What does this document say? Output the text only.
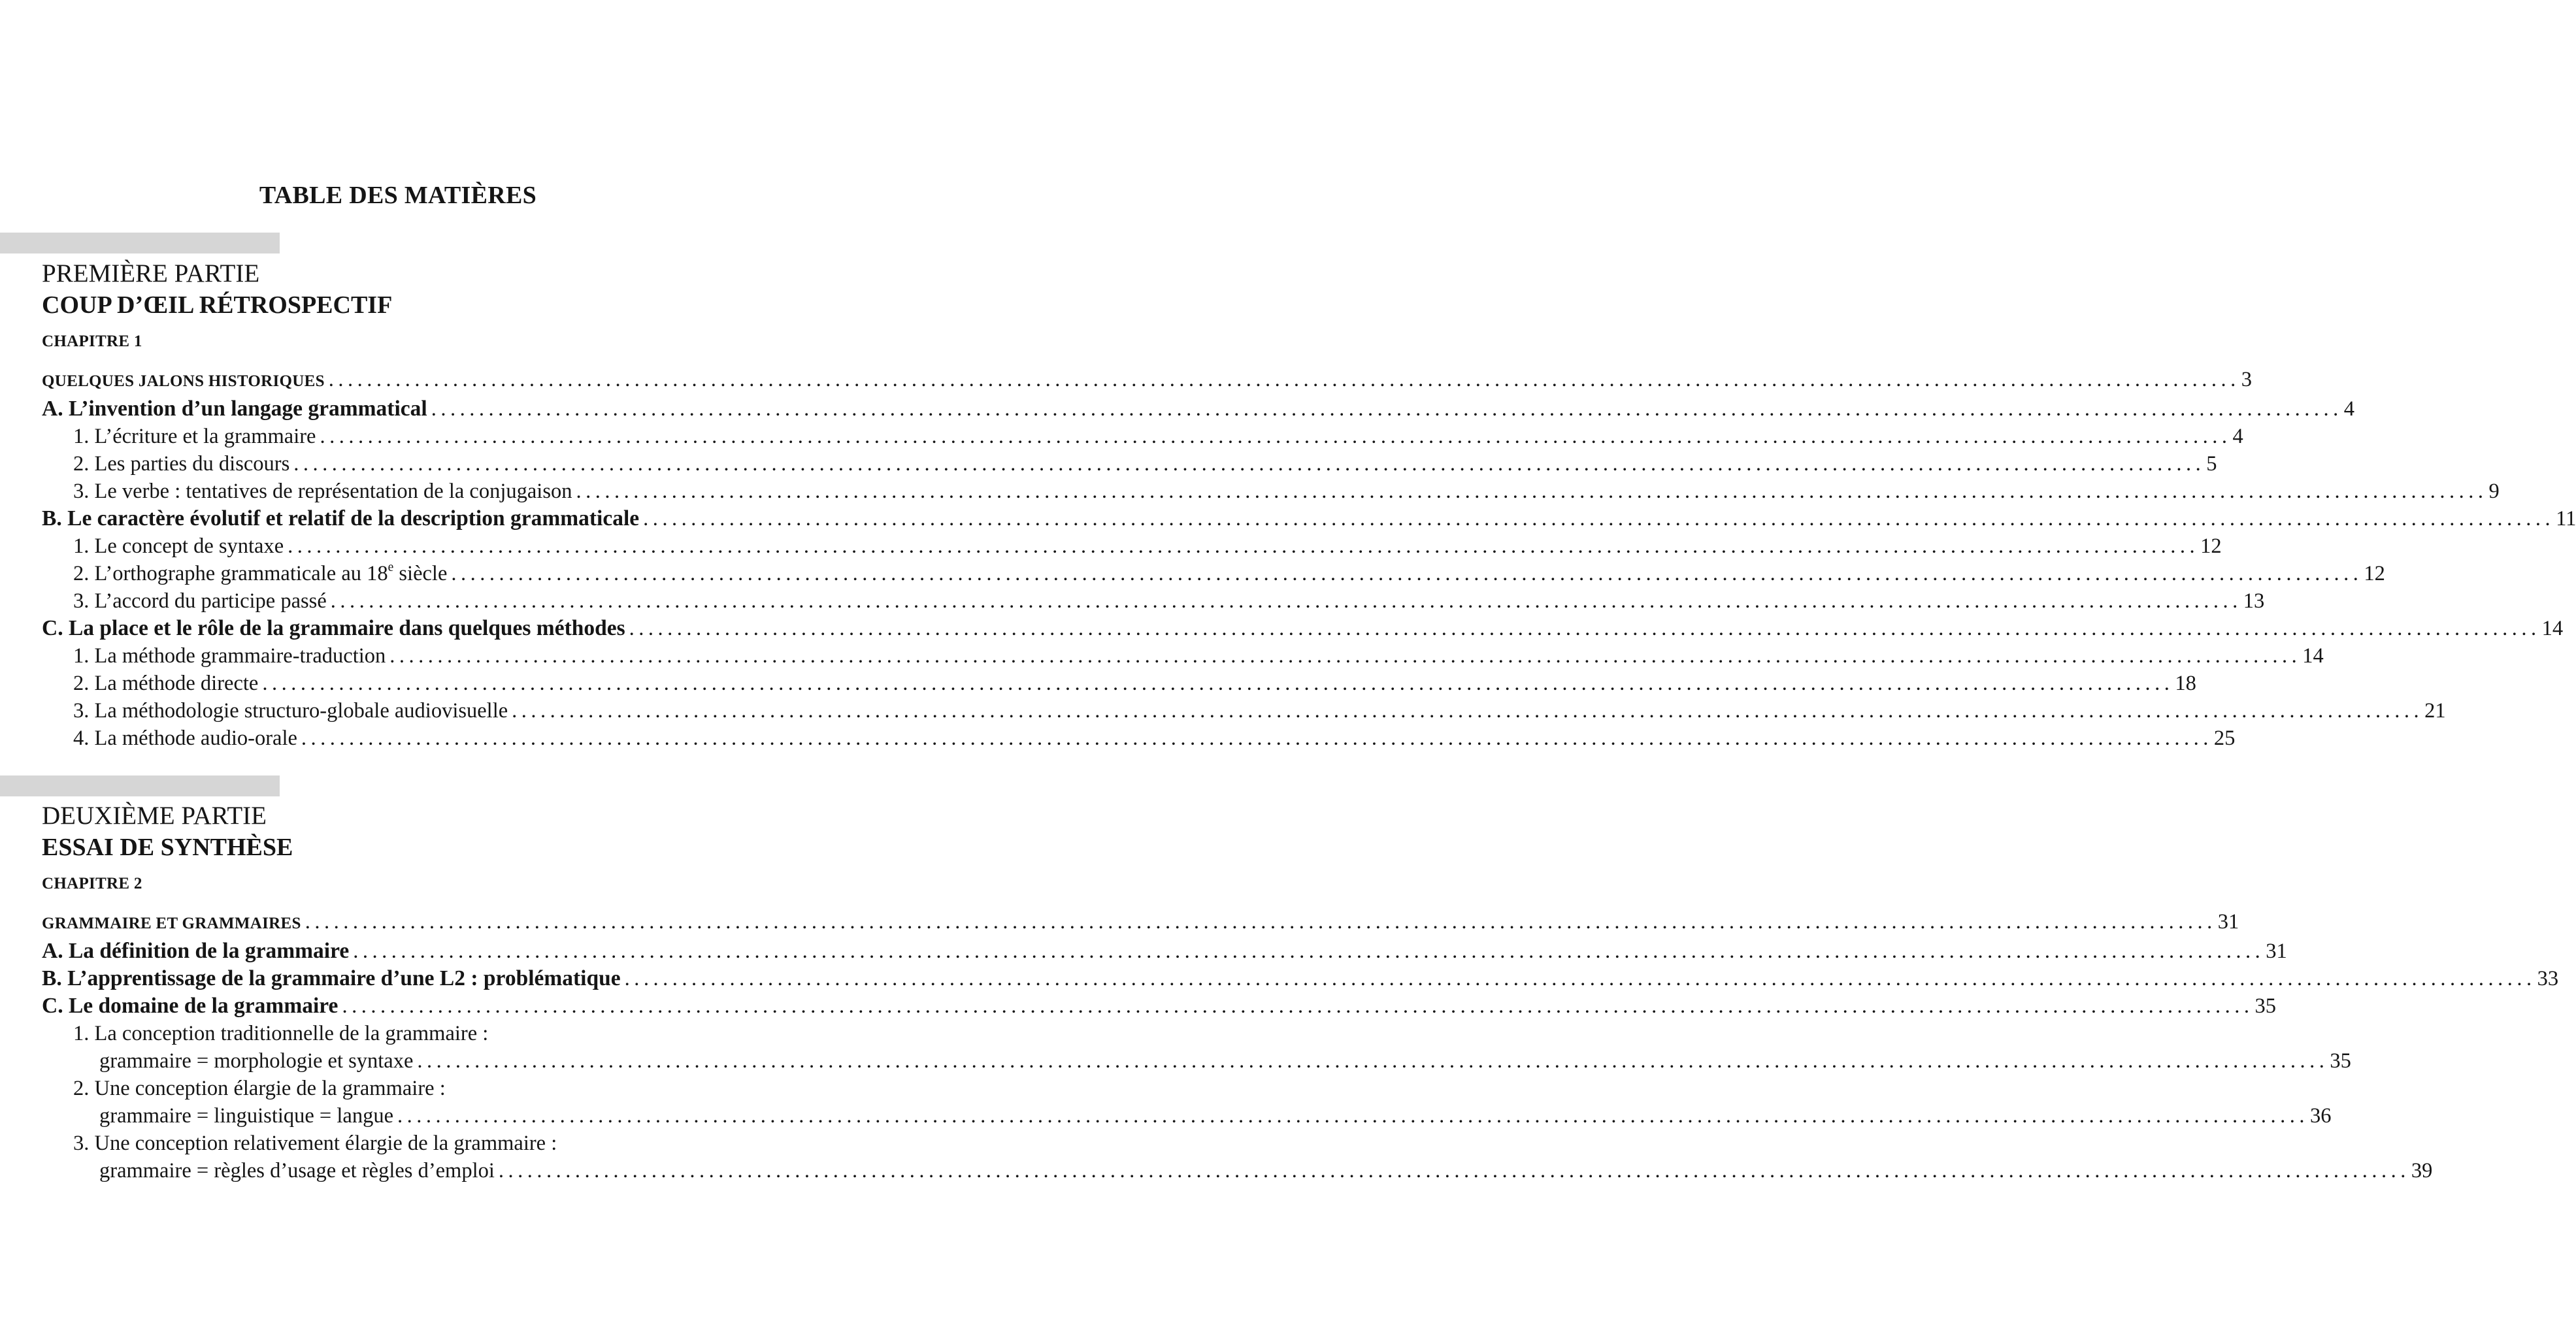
TABLE DES MATIÈRES

PREMIÈRE PARTIE

COUP D’ŒIL RÉTROSPECTIF

CHAPITRE 1

QUELQUES JALONS HISTORIQUES ........................................................................................................................................................................................................ 3
A. L’invention d’un langage grammatical ........................................................................................................................................................................................................ 4
1. L’écriture et la grammaire ........................................................................................................................................................................................................ 4
2. Les parties du discours ........................................................................................................................................................................................................ 5
3. Le verbe : tentatives de représentation de la conjugaison ........................................................................................................................................................................................................ 9
B. Le caractère évolutif et relatif de la description grammaticale ........................................................................................................................................................................................................ 11
1. Le concept de syntaxe ........................................................................................................................................................................................................ 12
2. L’orthographe grammaticale au 18e siècle ........................................................................................................................................................................................................ 12
3. L’accord du participe passé ........................................................................................................................................................................................................ 13
C. La place et le rôle de la grammaire dans quelques méthodes ........................................................................................................................................................................................................ 14
1. La méthode grammaire-traduction ........................................................................................................................................................................................................ 14
2. La méthode directe ........................................................................................................................................................................................................ 18
3. La méthodologie structuro-globale audiovisuelle ........................................................................................................................................................................................................ 21
4. La méthode audio-orale ........................................................................................................................................................................................................ 25

DEUXIÈME PARTIE

ESSAI DE SYNTHÈSE

CHAPITRE 2

GRAMMAIRE ET GRAMMAIRES ........................................................................................................................................................................................................ 31
A. La définition de la grammaire ........................................................................................................................................................................................................ 31
B. L’apprentissage de la grammaire d’une L2 : problématique ........................................................................................................................................................................................................ 33
C. Le domaine de la grammaire ........................................................................................................................................................................................................ 35
1. La conception traditionnelle de la grammaire :
grammaire = morphologie et syntaxe ........................................................................................................................................................................................................ 35
2. Une conception élargie de la grammaire :
grammaire = linguistique = langue ........................................................................................................................................................................................................ 36
3. Une conception relativement élargie de la grammaire :
grammaire = règles d’usage et règles d’emploi ........................................................................................................................................................................................................ 39
